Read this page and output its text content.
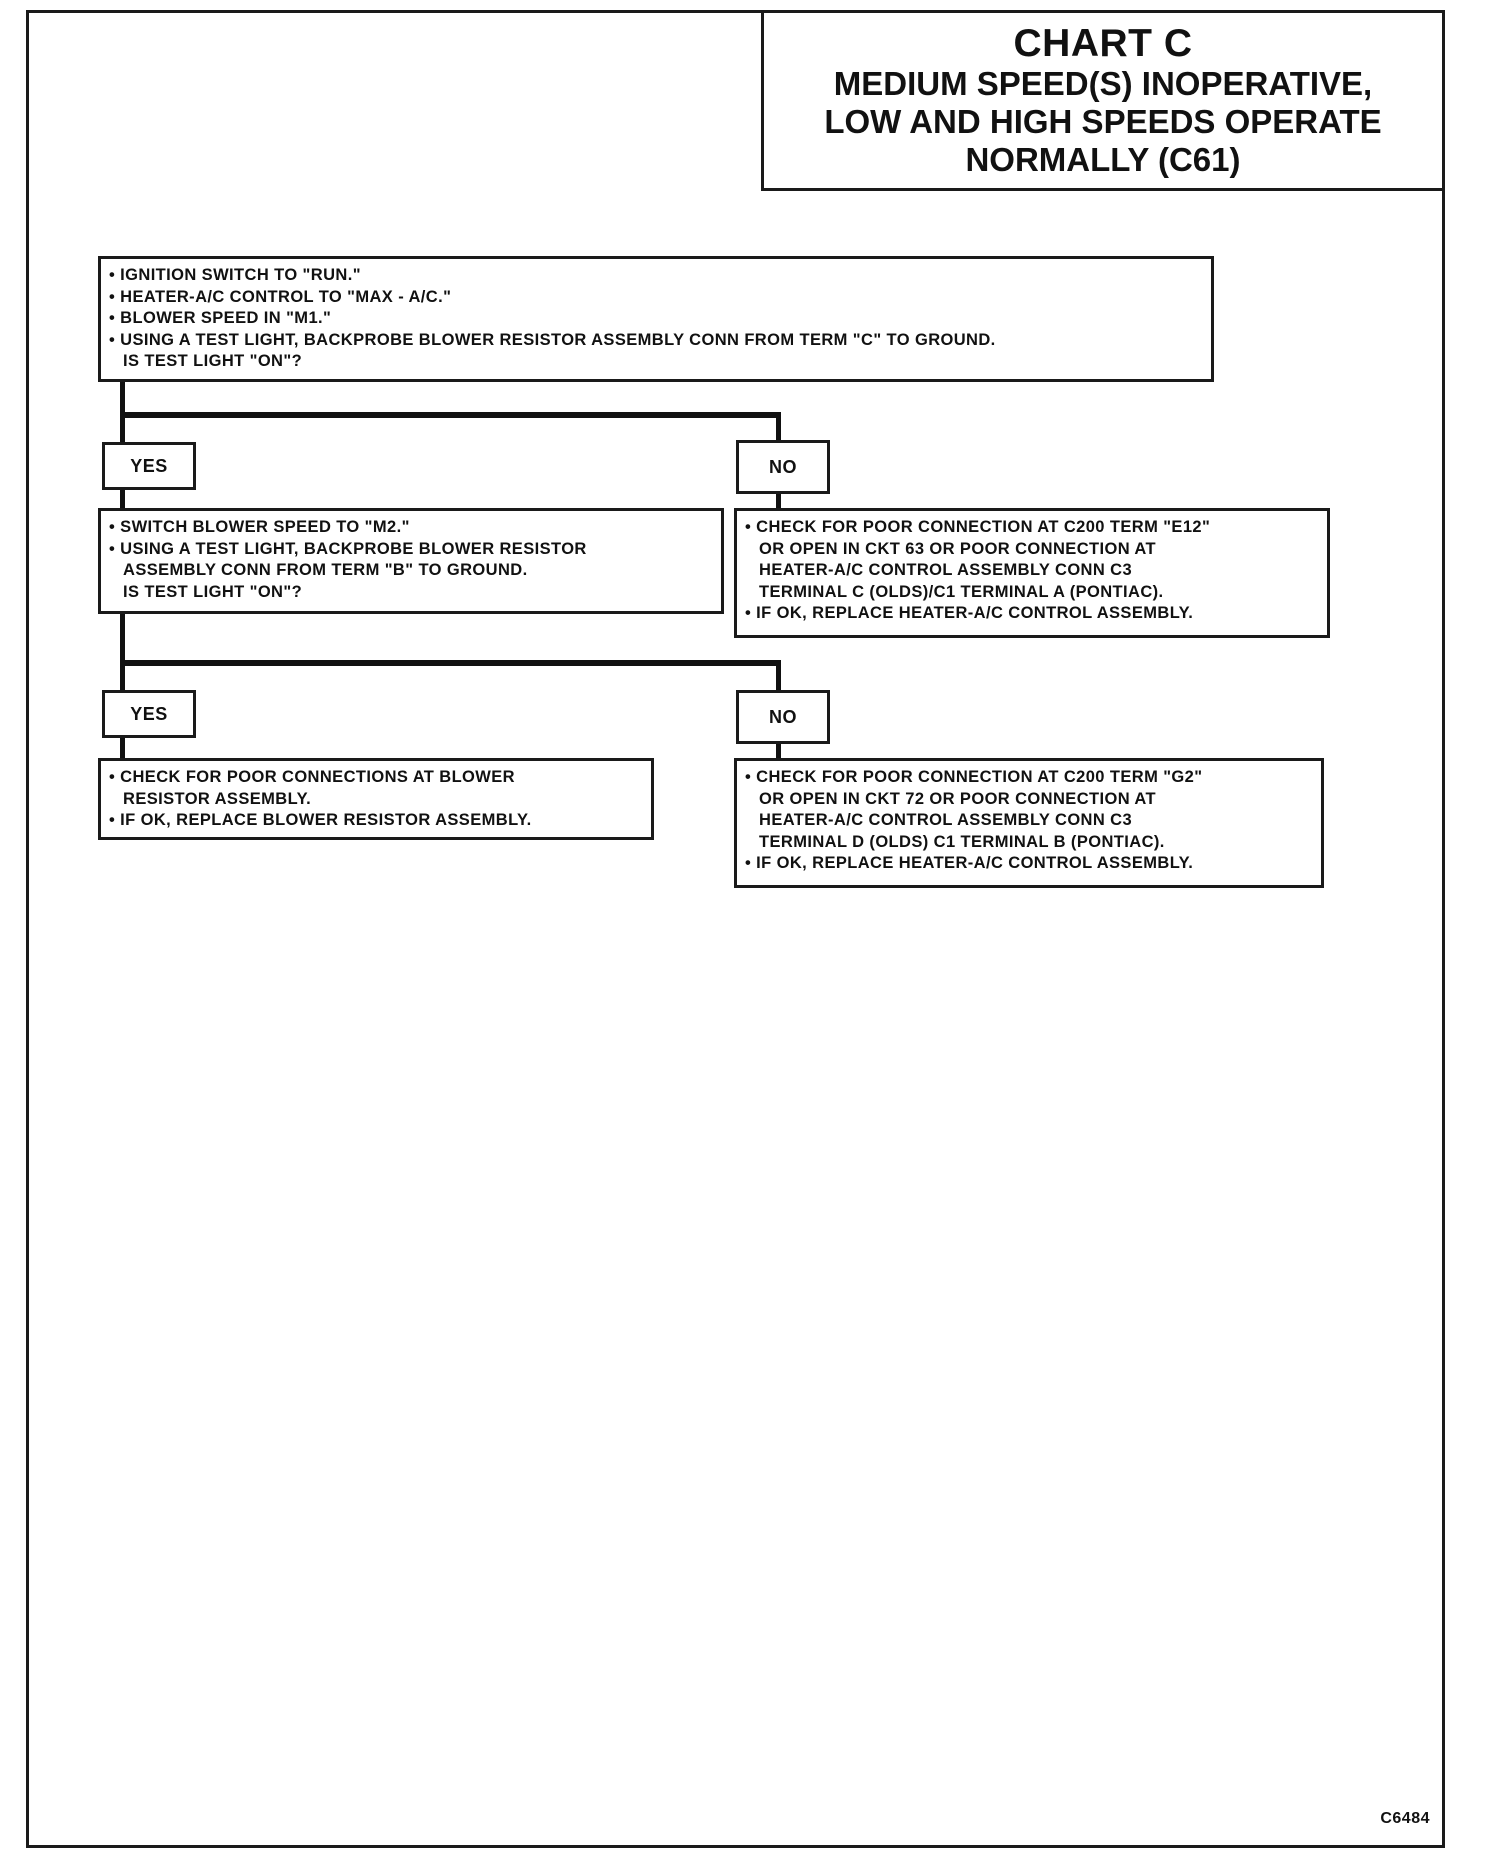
CHART C
MEDIUM SPEED(S) INOPERATIVE,
LOW AND HIGH SPEEDS OPERATE
NORMALLY (C61)
• IGNITION SWITCH TO "RUN."
• HEATER-A/C CONTROL TO "MAX - A/C."
• BLOWER SPEED IN "M1."
• USING A TEST LIGHT, BACKPROBE BLOWER RESISTOR ASSEMBLY CONN FROM TERM "C" TO GROUND.
IS TEST LIGHT "ON"?
YES	NO
• SWITCH BLOWER SPEED TO "M2."
• USING A TEST LIGHT, BACKPROBE BLOWER RESISTOR
ASSEMBLY CONN FROM TERM "B" TO GROUND.
IS TEST LIGHT "ON"?
• CHECK FOR POOR CONNECTION AT C200 TERM "E12"
OR OPEN IN CKT 63 OR POOR CONNECTION AT
HEATER-A/C CONTROL ASSEMBLY CONN C3
TERMINAL C (OLDS)/C1 TERMINAL A (PONTIAC).
• IF OK, REPLACE HEATER-A/C CONTROL ASSEMBLY.
YES	NO
• CHECK FOR POOR CONNECTIONS AT BLOWER
RESISTOR ASSEMBLY.
• IF OK, REPLACE BLOWER RESISTOR ASSEMBLY.
• CHECK FOR POOR CONNECTION AT C200 TERM "G2"
OR OPEN IN CKT 72 OR POOR CONNECTION AT
HEATER-A/C CONTROL ASSEMBLY CONN C3
TERMINAL D (OLDS) C1 TERMINAL B (PONTIAC).
• IF OK, REPLACE HEATER-A/C CONTROL ASSEMBLY.
C6484
